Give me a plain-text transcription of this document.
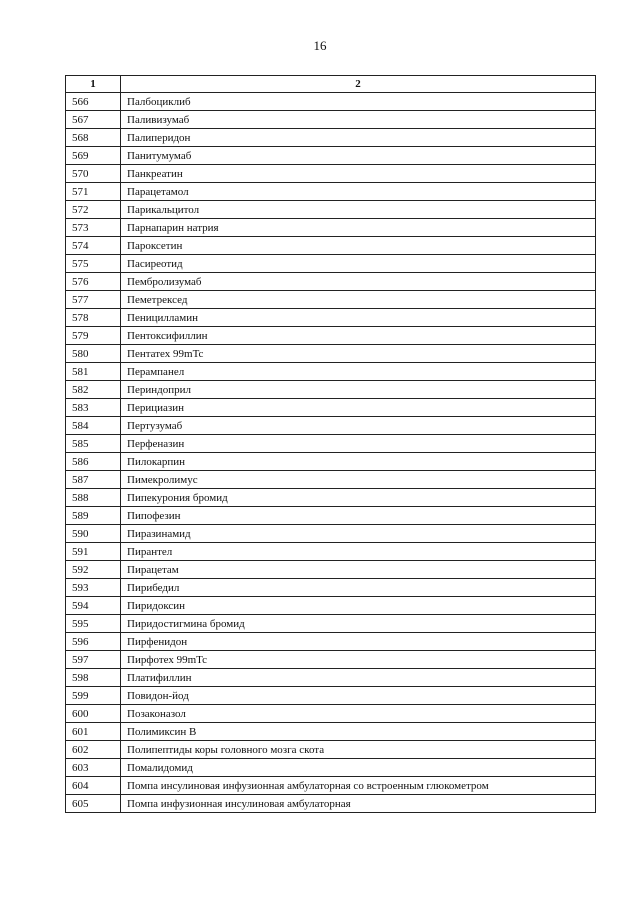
16
1	2
566	Палбоциклиб
567	Паливизумаб
568	Палиперидон
569	Панитумумаб
570	Панкреатин
571	Парацетамол
572	Парикальцитол
573	Парнапарин натрия
574	Пароксетин
575	Пасиреотид
576	Пембролизумаб
577	Пеметрексед
578	Пеницилламин
579	Пентоксифиллин
580	Пентатех 99mTc
581	Перампанел
582	Периндоприл
583	Перициазин
584	Пертузумаб
585	Перфеназин
586	Пилокарпин
587	Пимекролимус
588	Пипекурония бромид
589	Пипофезин
590	Пиразинамид
591	Пирантел
592	Пирацетам
593	Пирибедил
594	Пиридоксин
595	Пиридостигмина бромид
596	Пирфенидон
597	Пирфотех 99mTc
598	Платифиллин
599	Повидон-йод
600	Позаконазол
601	Полимиксин В
602	Полипептиды коры головного мозга скота
603	Помалидомид
604	Помпа инсулиновая инфузионная амбулаторная со встроенным глюкометром
605	Помпа инфузионная инсулиновая амбулаторная
